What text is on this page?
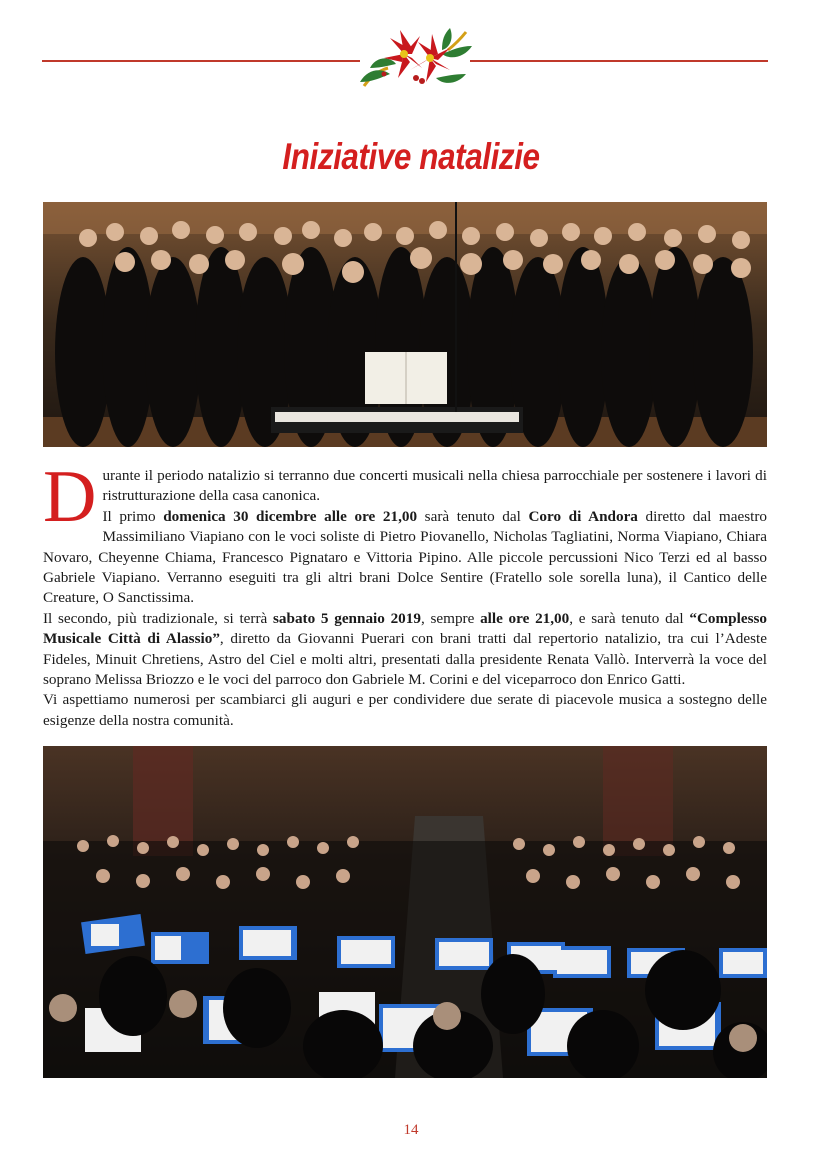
Iniziative natalizie
D urante il periodo natalizio si terranno due concerti musicali nella chiesa parrocchiale per sostenere i lavori di ristrutturazione della casa canonica.

Il primo domenica 30 dicembre alle ore 21,00 sarà tenuto dal Coro di Andora diretto dal maestro Massimiliano Viapiano con le voci soliste di Pietro Piovanello, Nicholas Tagliatini, Norma Viapiano, Chiara Novaro, Cheyenne Chiama, Francesco Pignataro e Vittoria Pipino. Alle piccole percussioni Nico Terzi ed al basso Gabriele Viapiano. Verranno eseguiti tra gli altri brani Dolce Sentire (Fratello sole sorella luna), il Cantico delle Creature, O Sanctissima.

Il secondo, più tradizionale, si terrà sabato 5 gennaio 2019, sempre alle ore 21,00, e sarà tenuto dal “Complesso Musicale Città di Alassio”, diretto da Giovanni Puerari con brani tratti dal repertorio natalizio, tra cui l’Adeste Fideles, Minuit Chretiens, Astro del Ciel e molti altri, presentati dalla presidente Renata Vallò. Interverrà la voce del soprano Melissa Briozzo e le voci del parroco don Gabriele M. Corini e del viceparroco don Enrico Gatti.

Vi aspettiamo numerosi per scambiarci gli auguri e per condividere due serate di piacevole musica a sostegno delle esigenze della nostra comunità.

14
